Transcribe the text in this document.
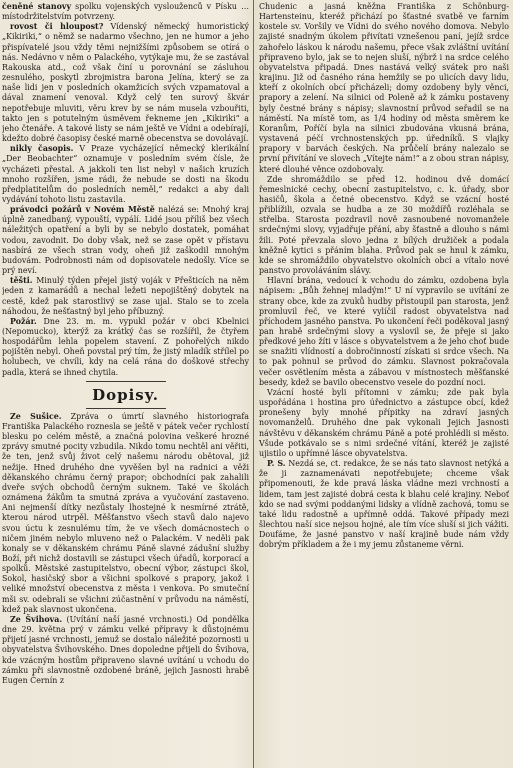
čeněné stanovy spolku vojenských vyslouženců v Písku … místodržitelstvím potvrzeny.

rovost či hloupost? Vídenský německý humoristický „Kikiriki,“ o němž se nadarmo všechno, jen ne humor a jeho přispívatelé jsou vždy těmi nejnižšími způsobem se otírá o nás. Nedávno v něm o Palackého, vytýkaje mu, že se zastával Rakouska atd., což však činí u porovnání se zásluhou zesnulého, poskytl zbrojmistra barona Jelína, který se za naše lidi jen v posledních okamžicích svých vzpamatoval a dával znamení venoval. Když celý ten surový škvár nepotřebuje mluviti, věru krev by se nám musela vzbouřiti, takto jen s potutelným úsměvem řekneme jen „Kikiriki“ a jeho čtenáře. A takové listy se nám ještě ve Vídni a odebírají, kdežto dobré časopisy české marně obecenstva se dovolávají.

nikly časopis. V Praze vycházející německý klerikální „Der Beobachter“ oznamuje v posledním svém čísle, že vycházeti přestal. A jakkoli ten list nebyl v našich kruzích mnoho rozšířen, jsme rádi, že nebude se dosti na škodu předplatitelům do posledních neměl,“ redakci a aby dali vydávání tohoto listu zastavila.

právodci požárů v Novém Městě nalézá se: Mnohý kraj úplně zanedbaný, vypouští, vypálí. Lidé jsou příliš bez všech náležitých opatření a byli by se nebylo dostatek, pomáhat vodou, zavodnit. Do doby však, než se zase opět v přístavu nasbírá ze všech stran vody, oheň již zaškodil mnohým budovám. Podrobnosti nám od dopisovatele nedošly. Více se prý neví.

těšti. Minulý týden přejel jistý voják v Přešticích na něm jeden z kamarádů a nechal ležeti nepojištěný dobytek na cestě, kdež pak starostlivý se zase ujal. Stalo se to zcela náhodou, že nešťastný byl jeho příbuzný.

Požár. Dne 23. m. m. vypukl požár v obci Kbelnici (Nepomucko), kterýž za krátký čas se rozšířil, že čtyřem hospodářům lehla popelem stavení. Z pohořelých nikdo pojištěn nebyl. Oheň povstal prý tím, že jistý mladík střílel po holubech, ve chvíli, kdy na celá rána do doškové střechy padla, která se ihned chytila.

Dopisy.

Ze Sušice. Zpráva o úmrtí slavného historiografa Františka Palackého roznesla se ještě v pátek večer rychlostí blesku po celém městě, a značná polovina veškeré hrozné zprávy smutné pocity vzbudila. Nikdo tomu nechtěl ani věřiti, že ten, jenž svůj život celý našemu národu obětoval, již nežije. Hned druhého dne vyvěšen byl na radnici a věži děkanského chrámu černý prapor; obchodníci pak zahalili dveře svých obchodů černým suknem. Také ve školách oznámena žákům ta smutná zpráva a vyučování zastaveno. Ani nejmenší dítky nezůstaly lhostejné k nesmírné ztrátě, kterou národ utrpěl. Měšťanstvo všech stavů dalo najevo svou úctu k zesnulému tím, že ve všech domácnostech o ničem jiném nebylo mluveno než o Palackém. V neděli pak konaly se v děkanském chrámu Páně slavné zádušní služby Boží, při nichž dostavili se zástupci všech úřadů, korporací a spolků. Městské zastupitelstvo, obecní výbor, zástupci škol, Sokol, hasičský sbor a všichni spolkové s prapory, jakož i veliké množství obecenstva z města i venkova. Po smuteční mši sv. odebrali se všichni zúčastnění v průvodu na náměstí, kdež pak slavnost ukončena.

Ze Švihova. (Uvítání naší jasné vrchnosti.) Od pondělka dne 29. května prý v zámku velké přípravy k důstojnému přijetí jasné vrchnosti, jemuž se dostalo náležité pozornosti u obyvatelstva Švihovského. Dnes dopoledne přijeli do Švihova, kde vzácným hostům připraveno slavné uvítání u vchodu do zámku při slavnostně ozdobené bráně, jejich Jasnosti hrabě Eugen Černín z

Chudenic a jasná kněžna Františka z Schönburg-Hartensteinu, kteréž přichází po šťastné svatbě ve farním kostele sv. Voršily ve Vídni do svého nového domova. Nebylo zajisté snadným úkolem přivítati vznešenou paní, jejíž srdce zahořelo láskou k národu našemu, přece však zvláštní uvítání připraveno bylo, jak se to nejen sluší, nýbrž i na srdce celého obyvatelstva připadá. Dnes nastává velký svátek pro naši krajinu. Již od časného rána hemžily se po ulicích davy lidu, kteří z okolních obcí přicházeli; domy ozdobeny byly věnci, prapory a zelení. Na silnici od Poleně až k zámku postaveny byly čestné brány s nápisy; slavnostní průvod seřadil se na náměstí. Na místě tom, as 1/4 hodiny od města směrem ke Koranům, Poříčí byla na silnici zbudována vkusná brána, vystavená péčí vrchnostenských pp. úředníků. S vlajky prapory v barvách českých. Na průčelí brány nalezalo se první přivítání ve slovech „Vítejte nám!“ a z obou stran nápisy, které dlouhé věnce ozdobovaly.

Zde shromáždilo se před 12. hodinou dvě domácí řemeslnické cechy, obecní zastupitelstvo, c. k. úřady, sbor hasičů, škola a četné obecenstvo. Když se vzácní hosté přiblížili, ozvala se hudba a ze 30 moždířů rozléhala se střelba. Starosta pozdravil nově zasnoubené novomanžele srdečnými slovy, vyjadřuje přání, aby šťastně a dlouho s námi žili. Poté převzala slovo jedna z bílých družiček a podala kněžně kytici s přáním blaha. Průvod pak se hnul k zámku, kde se shromáždilo obyvatelstvo okolních obcí a vítalo nové panstvo provoláváním slávy.

Hlavní brána, vedoucí k vchodu do zámku, ozdobena byla nápisem: „Bůh žehnej mladým!“ U ní vypravilo se uvítání ze strany obce, kde za zvuků hudby přistoupil pan starosta, jenž promluvil řeč, ve které vylíčil radost obyvatelstva nad příchodem jasného panstva. Po ukončení řeči poděkoval jasný pan hrabě srdečnými slovy a vyslovil se, že přeje si jako předkové jeho žíti v lásce s obyvatelstvem a že jeho choť bude se snažiti vlídností a dobročinností získati si srdce všech. Na to pak pohnul se průvod do zámku. Slavnost pokračovala večer osvětlením města a zábavou v místnostech měšťanské besedy, kdež se bavilo obecenstvo vesele do pozdní noci.

Vzácní hosté byli přítomni v zámku; zde pak byla uspořádána i hostina pro úřednictvo a zástupce obcí, kdež pronešeny byly mnohé přípitky na zdraví jasných novomanželů. Druhého dne pak vykonali Jejich Jasnosti návštěvu v děkanském chrámu Páně a poté prohlédli si město. Všude potkávalo se s nimi srdečné vítání, kteréž je zajisté ujistilo o upřímné lásce obyvatelstva.

P. S. Nezdá se, ct. redakce, že se nás tato slavnost netýká a že ji zaznamenávati nepotřebujete; chceme však připomenouti, že kde pravá láska vládne mezi vrchností a lidem, tam jest zajisté dobrá cesta k blahu celé krajiny. Neboť kdo se nad svými poddanými lidsky a vlídně zachová, tomu se také lidu radostně a upřímně oddá. Takové případy mezi šlechtou naší sice nejsou hojné, ale tím více sluší si jich vážiti. Doufáme, že jasné panstvo v naší krajině bude nám vždy dobrým příkladem a že i my jemu zůstaneme věrni.
